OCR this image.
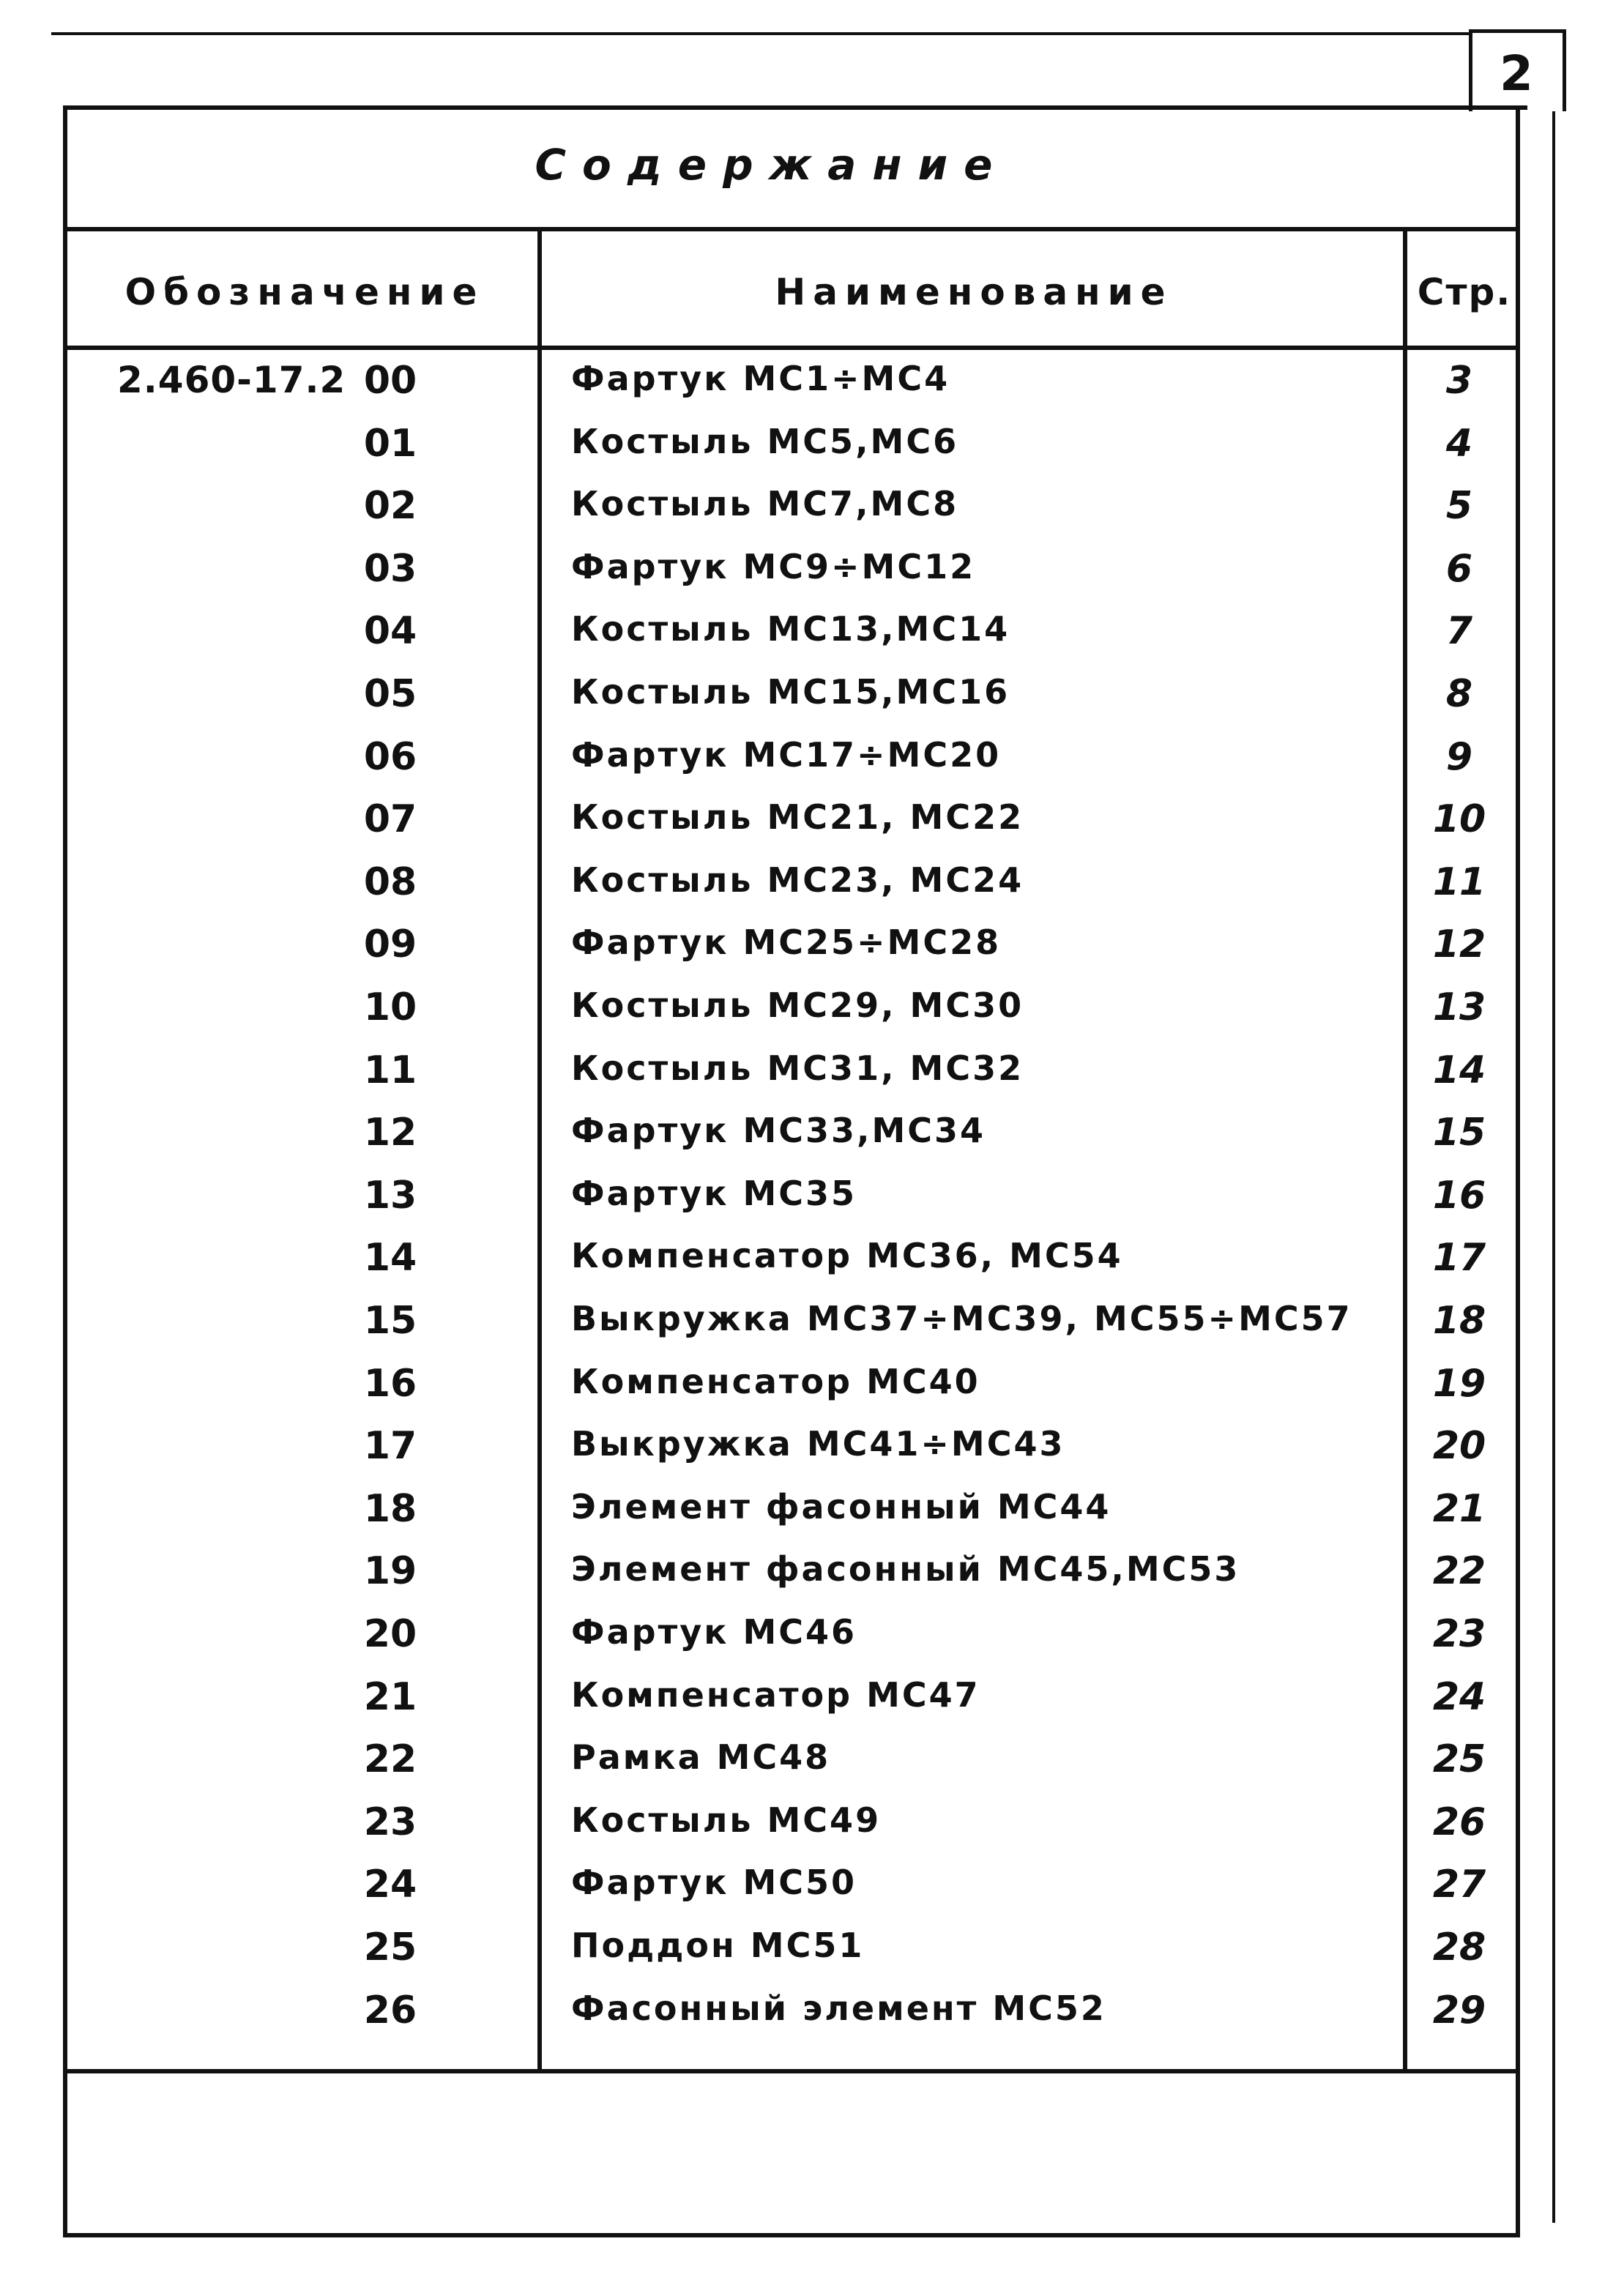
2
Содержание
Обозначение	Наименование	Стр.
2.460-17.2 00	Фартук МС1÷МС4	3
01	Костыль МС5,МС6	4
02	Костыль МС7,МС8	5
03	Фартук МС9÷МС12	6
04	Костыль МС13,МС14	7
05	Костыль МС15,МС16	8
06	Фартук МС17÷МС20	9
07	Костыль МС21, МС22	10
08	Костыль МС23, МС24	11
09	Фартук МС25÷МС28	12
10	Костыль МС29, МС30	13
11	Костыль МС31, МС32	14
12	Фартук МС33,МС34	15
13	Фартук МС35	16
14	Компенсатор МС36, МС54	17
15	Выкружка МС37÷МС39, МС55÷МС57	18
16	Компенсатор МС40	19
17	Выкружка МС41÷МС43	20
18	Элемент фасонный МС44	21
19	Элемент фасонный МС45,МС53	22
20	Фартук МС46	23
21	Компенсатор МС47	24
22	Рамка МС48	25
23	Костыль МС49	26
24	Фартук МС50	27
25	Поддон МС51	28
26	Фасонный элемент МС52	29
